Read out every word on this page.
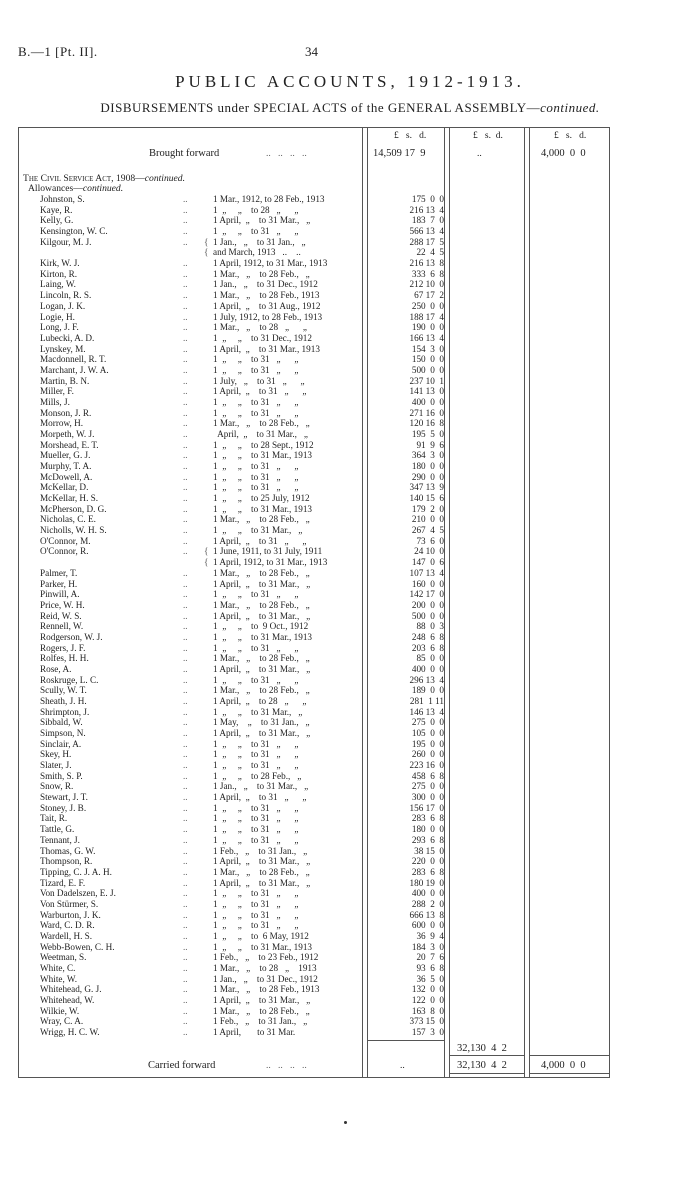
B.—1 [Pt. II].	34
PUBLIC ACCOUNTS, 1912-1913.
DISBURSEMENTS under SPECIAL ACTS of the GENERAL ASSEMBLY—continued.
£   s.   d.	£   s.  d.	£   s.   d.
Brought forward	..   ..   ..   ..	14,509 17  9	..	4,000  0  0
The Civil Service Act, 1908—continued.
Allowances—continued.
Johnston, S.	..	1 Mar., 1912, to 28 Feb., 1913	175  0  0
Kaye, R.	..	1  „     „    to 28   „      „	216 13  4
Kelly, G.	..	1 April,  „    to 31 Mar.,   „	183  7  0
Kensington, W. C.	..	1  „     „    to 31   „      „	566 13  4
Kilgour, M. J.	.. { 1 Jan.,   „    to 31 Jan.,   „	288 17  5
{ and March, 1913   ..    ..	22  4  5
Kirk, W. J.	..	1 April, 1912, to 31 Mar., 1913	216 13  8
Kirton, R.	..	1 Mar.,   „    to 28 Feb.,   „	333  6  8
Laing, W.	..	1 Jan.,   „    to 31 Dec., 1912	212 10  0
Lincoln, R. S.	..	1 Mar.,   „    to 28 Feb., 1913	67 17  2
Logan, J. K.	..	1 April,  „    to 31 Aug., 1912	250  0  0
Logie, H.	..	1 July, 1912, to 28 Feb., 1913	188 17  4
Long, J. F.	..	1 Mar.,   „    to 28   „      „	190  0  0
Lubecki, A. D.	..	1  „     „    to 31 Dec., 1912	166 13  4
Lynskey, M.	..	1 April,  „    to 31 Mar., 1913	154  3  0
Macdonnell, R. T.	..	1  „     „    to 31   „      „	150  0  0
Marchant, J. W. A.	..	1  „     „    to 31   „      „	500  0  0
Martin, B. N.	..	1 July,   „    to 31   „      „	237 10  1
Miller, F.	..	1 April,  „    to 31   „      „	141 13  0
Mills, J.	..	1  „     „    to 31   „      „	400  0  0
Monson, J. R.	..	1  „     „    to 31   „      „	271 16  0
Morrow, H.	..	1 Mar.,   „    to 28 Feb.,   „	120 16  8
Morpeth, W. J.	..	April,  „    to 31 Mar.,   „	195  5  0
Morshead, E. T.	..	1  „     „    to 28 Sept., 1912	91  9  6
Mueller, G. J.	..	1  „     „    to 31 Mar., 1913	364  3  0
Murphy, T. A.	..	1  „     „    to 31   „      „	180  0  0
McDowell, A.	..	1  „     „    to 31   „      „	290  0  0
McKellar, D.	..	1  „     „    to 31   „      „	347 13  9
McKellar, H. S.	..	1  „     „    to 25 July, 1912	140 15  6
McPherson, D. G.	..	1  „     „    to 31 Mar., 1913	179  2  0
Nicholas, C. E.	..	1 Mar.,   „    to 28 Feb.,   „	210  0  0
Nicholls, W. H. S.	..	1  „     „    to 31 Mar.,   „	267  4  5
O'Connor, M.	..	1 April,  „    to 31   „      „	73  6  0
O'Connor, R.	.. { 1 June, 1911, to 31 July, 1911	24 10  0
{ 1 April, 1912, to 31 Mar., 1913	147  0  6
Palmer, T.	..	1 Mar.,   „    to 28 Feb.,   „	107 13  4
Parker, H.	..	1 April,  „    to 31 Mar.,   „	160  0  0
Pinwill, A.	..	1  „     „    to 31   „      „	142 17  0
Price, W. H.	..	1 Mar.,   „    to 28 Feb.,   „	200  0  0
Reid, W. S.	..	1 April,  „    to 31 Mar.,   „	500  0  0
Rennell, W.	..	1  „     „    to  9 Oct., 1912	88  0  3
Rodgerson, W. J.	..	1  „     „    to 31 Mar., 1913	248  6  8
Rogers, J. F.	..	1  „     „    to 31   „      „	203  6  8
Rolfes, H. H.	..	1 Mar.,   „    to 28 Feb.,   „	85  0  0
Rose, A.	..	1 April,  „    to 31 Mar.,   „	400  0  0
Roskruge, L. C.	..	1  „     „    to 31   „      „	296 13  4
Scully, W. T.	..	1 Mar.,   „    to 28 Feb.,   „	189  0  0
Sheath, J. H.	..	1 April,  „    to 28   „      „	281  1 11
Shrimpton, J.	..	1  „     „    to 31 Mar.,   „	146 13  4
Sibbald, W.	..	1 May,    „    to 31 Jan.,   „	275  0  0
Simpson, N.	..	1 April,  „    to 31 Mar.,   „	105  0  0
Sinclair, A.	..	1  „     „    to 31   „      „	195  0  0
Skey, H.	..	1  „     „    to 31   „      „	260  0  0
Slater, J.	..	1  „     „    to 31   „      „	223 16  0
Smith, S. P.	..	1  „     „    to 28 Feb.,   „	458  6  8
Snow, R.	..	1 Jan.,   „    to 31 Mar.,   „	275  0  0
Stewart, J. T.	..	1 April,  „    to 31   „      „	300  0  0
Stoney, J. B.	..	1  „     „    to 31   „      „	156 17  0
Tait, R.	..	1  „     „    to 31   „      „	283  6  8
Tattle, G.	..	1  „     „    to 31   „      „	180  0  0
Tennant, J.	..	1  „     „    to 31   „      „	293  6  8
Thomas, G. W.	..	1 Feb.,   „    to 31 Jan.,   „	38 15  0
Thompson, R.	..	1 April,  „    to 31 Mar.,   „	220  0  0
Tipping, C. J. A. H.	..	1 Mar.,   „    to 28 Feb.,   „	283  6  8
Tizard, E. F.	..	1 April,  „    to 31 Mar.,   „	180 19  0
Von Dadelszen, E. J.	..	1  „     „    to 31   „      „	400  0  0
Von Stürmer, S.	..	1  „     „    to 31   „      „	288  2  0
Warburton, J. K.	..	1  „     „    to 31   „      „	666 13  8
Ward, C. D. R.	..	1  „     „    to 31   „      „	600  0  0
Wardell, H. S.	..	1  „     „    to  6 May, 1912	36  9  4
Webb-Bowen, C. H.	..	1  „     „    to 31 Mar., 1913	184  3  0
Weetman, S.	..	1 Feb.,   „    to 23 Feb., 1912	20  7  6
White, C.	..	1 Mar.,   „    to 28   „    1913	93  6  8
White, W.	..	1 Jan.,   „    to 31 Dec., 1912	36  5  0
Whitehead, G. J.	..	1 Mar.,   „    to 28 Feb., 1913	132  0  0
Whitehead, W.	..	1 April,  „    to 31 Mar.,   „	122  0  0
Wilkie, W.	..	1 Mar.,   „    to 28 Feb.,   „	163  8  0
Wray, C. A.	..	1 Feb.,   „    to 31 Jan.,   „	373 15  0
Wrigg, H. C. W.	..	1 April,       to 31 Mar.	157  3  0
32,130  4  2
Carried forward	..   ..   ..   ..	..	32,130  4  2	4,000  0  0
